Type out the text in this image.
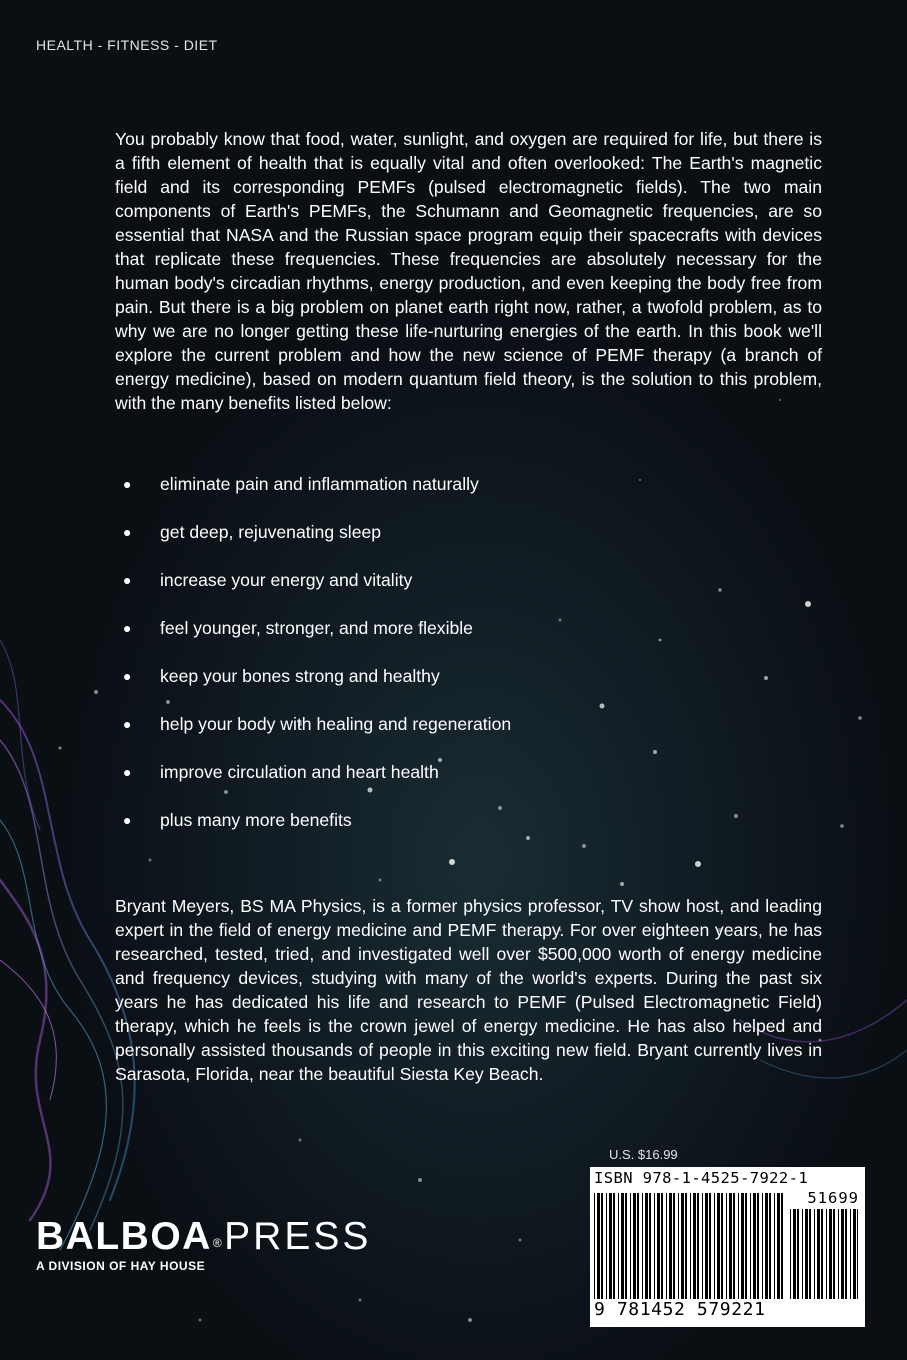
HEALTH - FITNESS - DIET

You probably know that food, water, sunlight, and oxygen are required for life, but there is a fifth element of health that is equally vital and often overlooked: The Earth's magnetic field and its corresponding PEMFs (pulsed electromagnetic fields). The two main components of Earth's PEMFs, the Schumann and Geomagnetic frequencies, are so essential that NASA and the Russian space program equip their spacecrafts with devices that replicate these frequencies. These frequencies are absolutely necessary for the human body's circadian rhythms, energy production, and even keeping the body free from pain. But there is a big problem on planet earth right now, rather, a twofold problem, as to why we are no longer getting these life-nurturing energies of the earth. In this book we'll explore the current problem and how the new science of PEMF therapy (a branch of energy medicine), based on modern quantum field theory, is the solution to this problem, with the many benefits listed below:

● eliminate pain and inflammation naturally
● get deep, rejuvenating sleep
● increase your energy and vitality
● feel younger, stronger, and more flexible
● keep your bones strong and healthy
● help your body with healing and regeneration
● improve circulation and heart health
● plus many more benefits

Bryant Meyers, BS MA Physics, is a former physics professor, TV show host, and leading expert in the field of energy medicine and PEMF therapy. For over eighteen years, he has researched, tested, tried, and investigated well over $500,000 worth of energy medicine and frequency devices, studying with many of the world's experts. During the past six years he has dedicated his life and research to PEMF (Pulsed Electromagnetic Field) therapy, which he feels is the crown jewel of energy medicine. He has also helped and personally assisted thousands of people in this exciting new field. Bryant currently lives in Sarasota, Florida, near the beautiful Siesta Key Beach.

U.S. $16.99
ISBN 978-1-4525-7922-1
51699
9 781452 579221
BALBOA®PRESS
A DIVISION OF HAY HOUSE
